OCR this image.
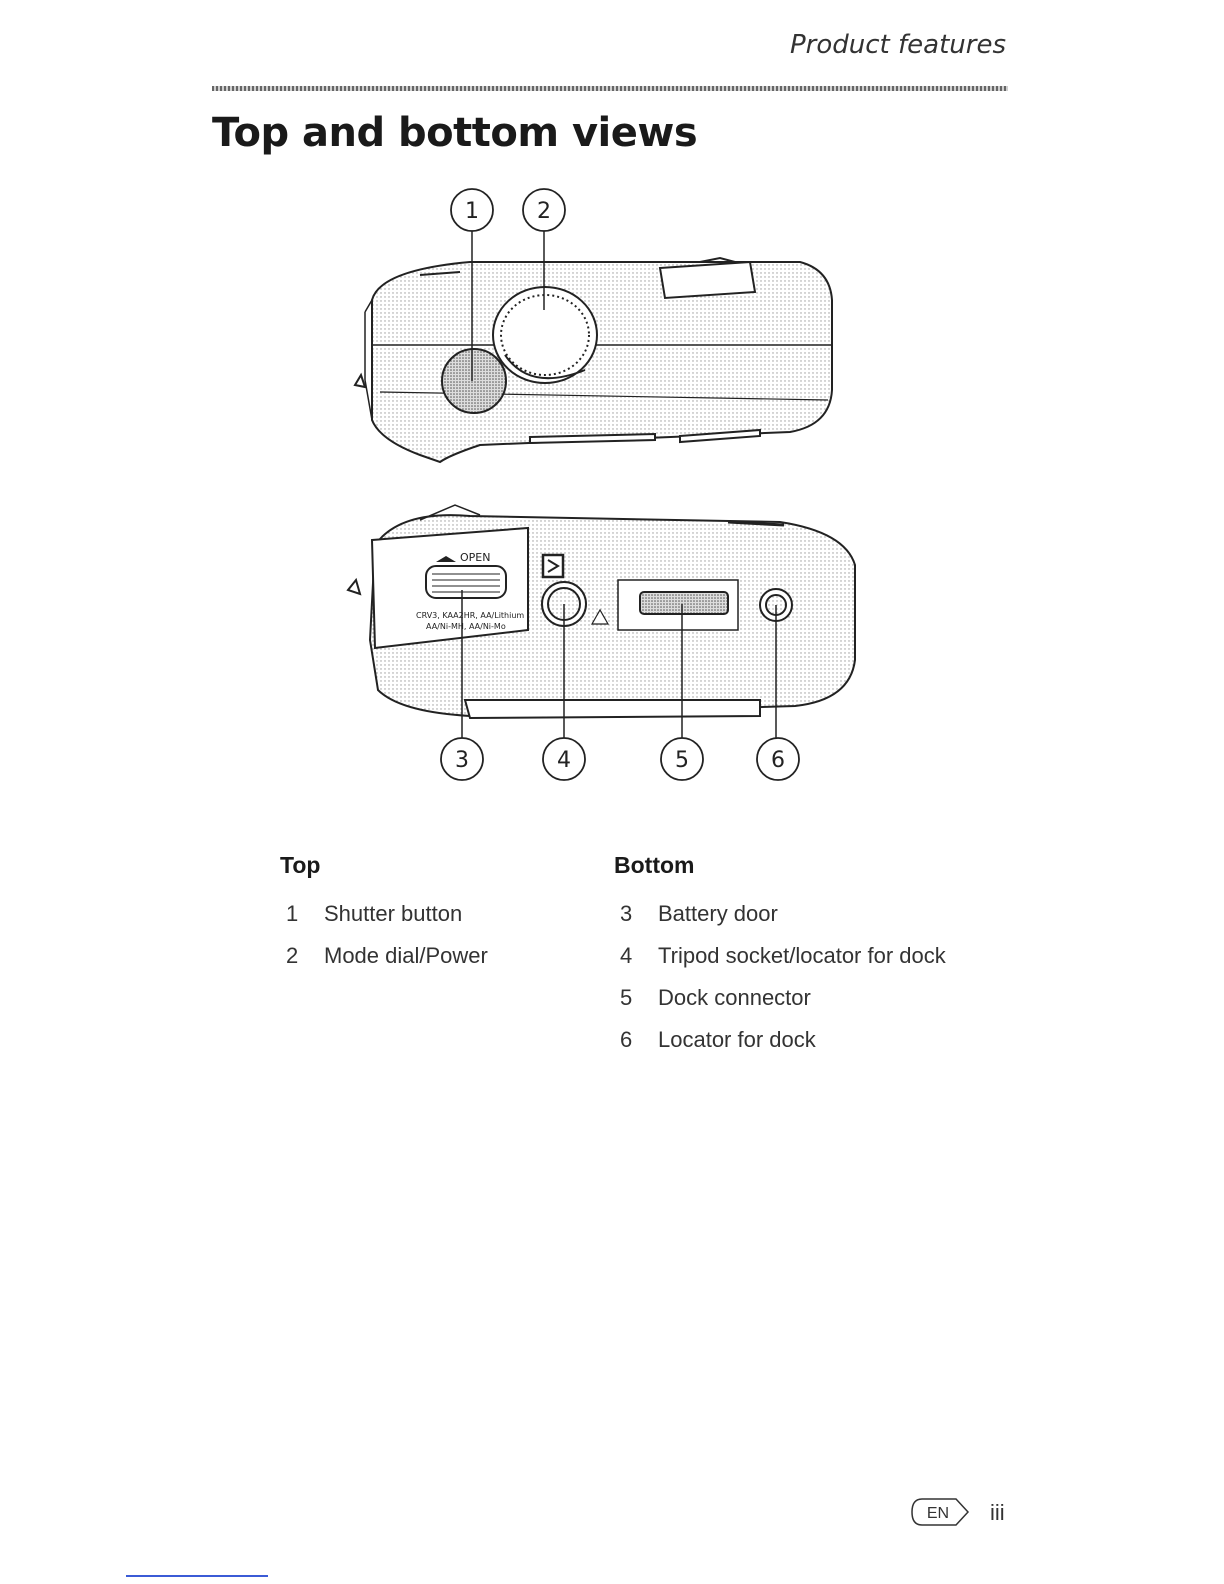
Product features
Top and bottom views
OPEN
CRV3, KAA2HR, AA/Lithium
AA/Ni-MH, AA/Ni-Mo
1	2
3	4	5	6
Top
1	Shutter button
2	Mode dial/Power
Bottom
3	Battery door
4	Tripod socket/locator for dock
5	Dock connector
6	Locator for dock
EN iii
